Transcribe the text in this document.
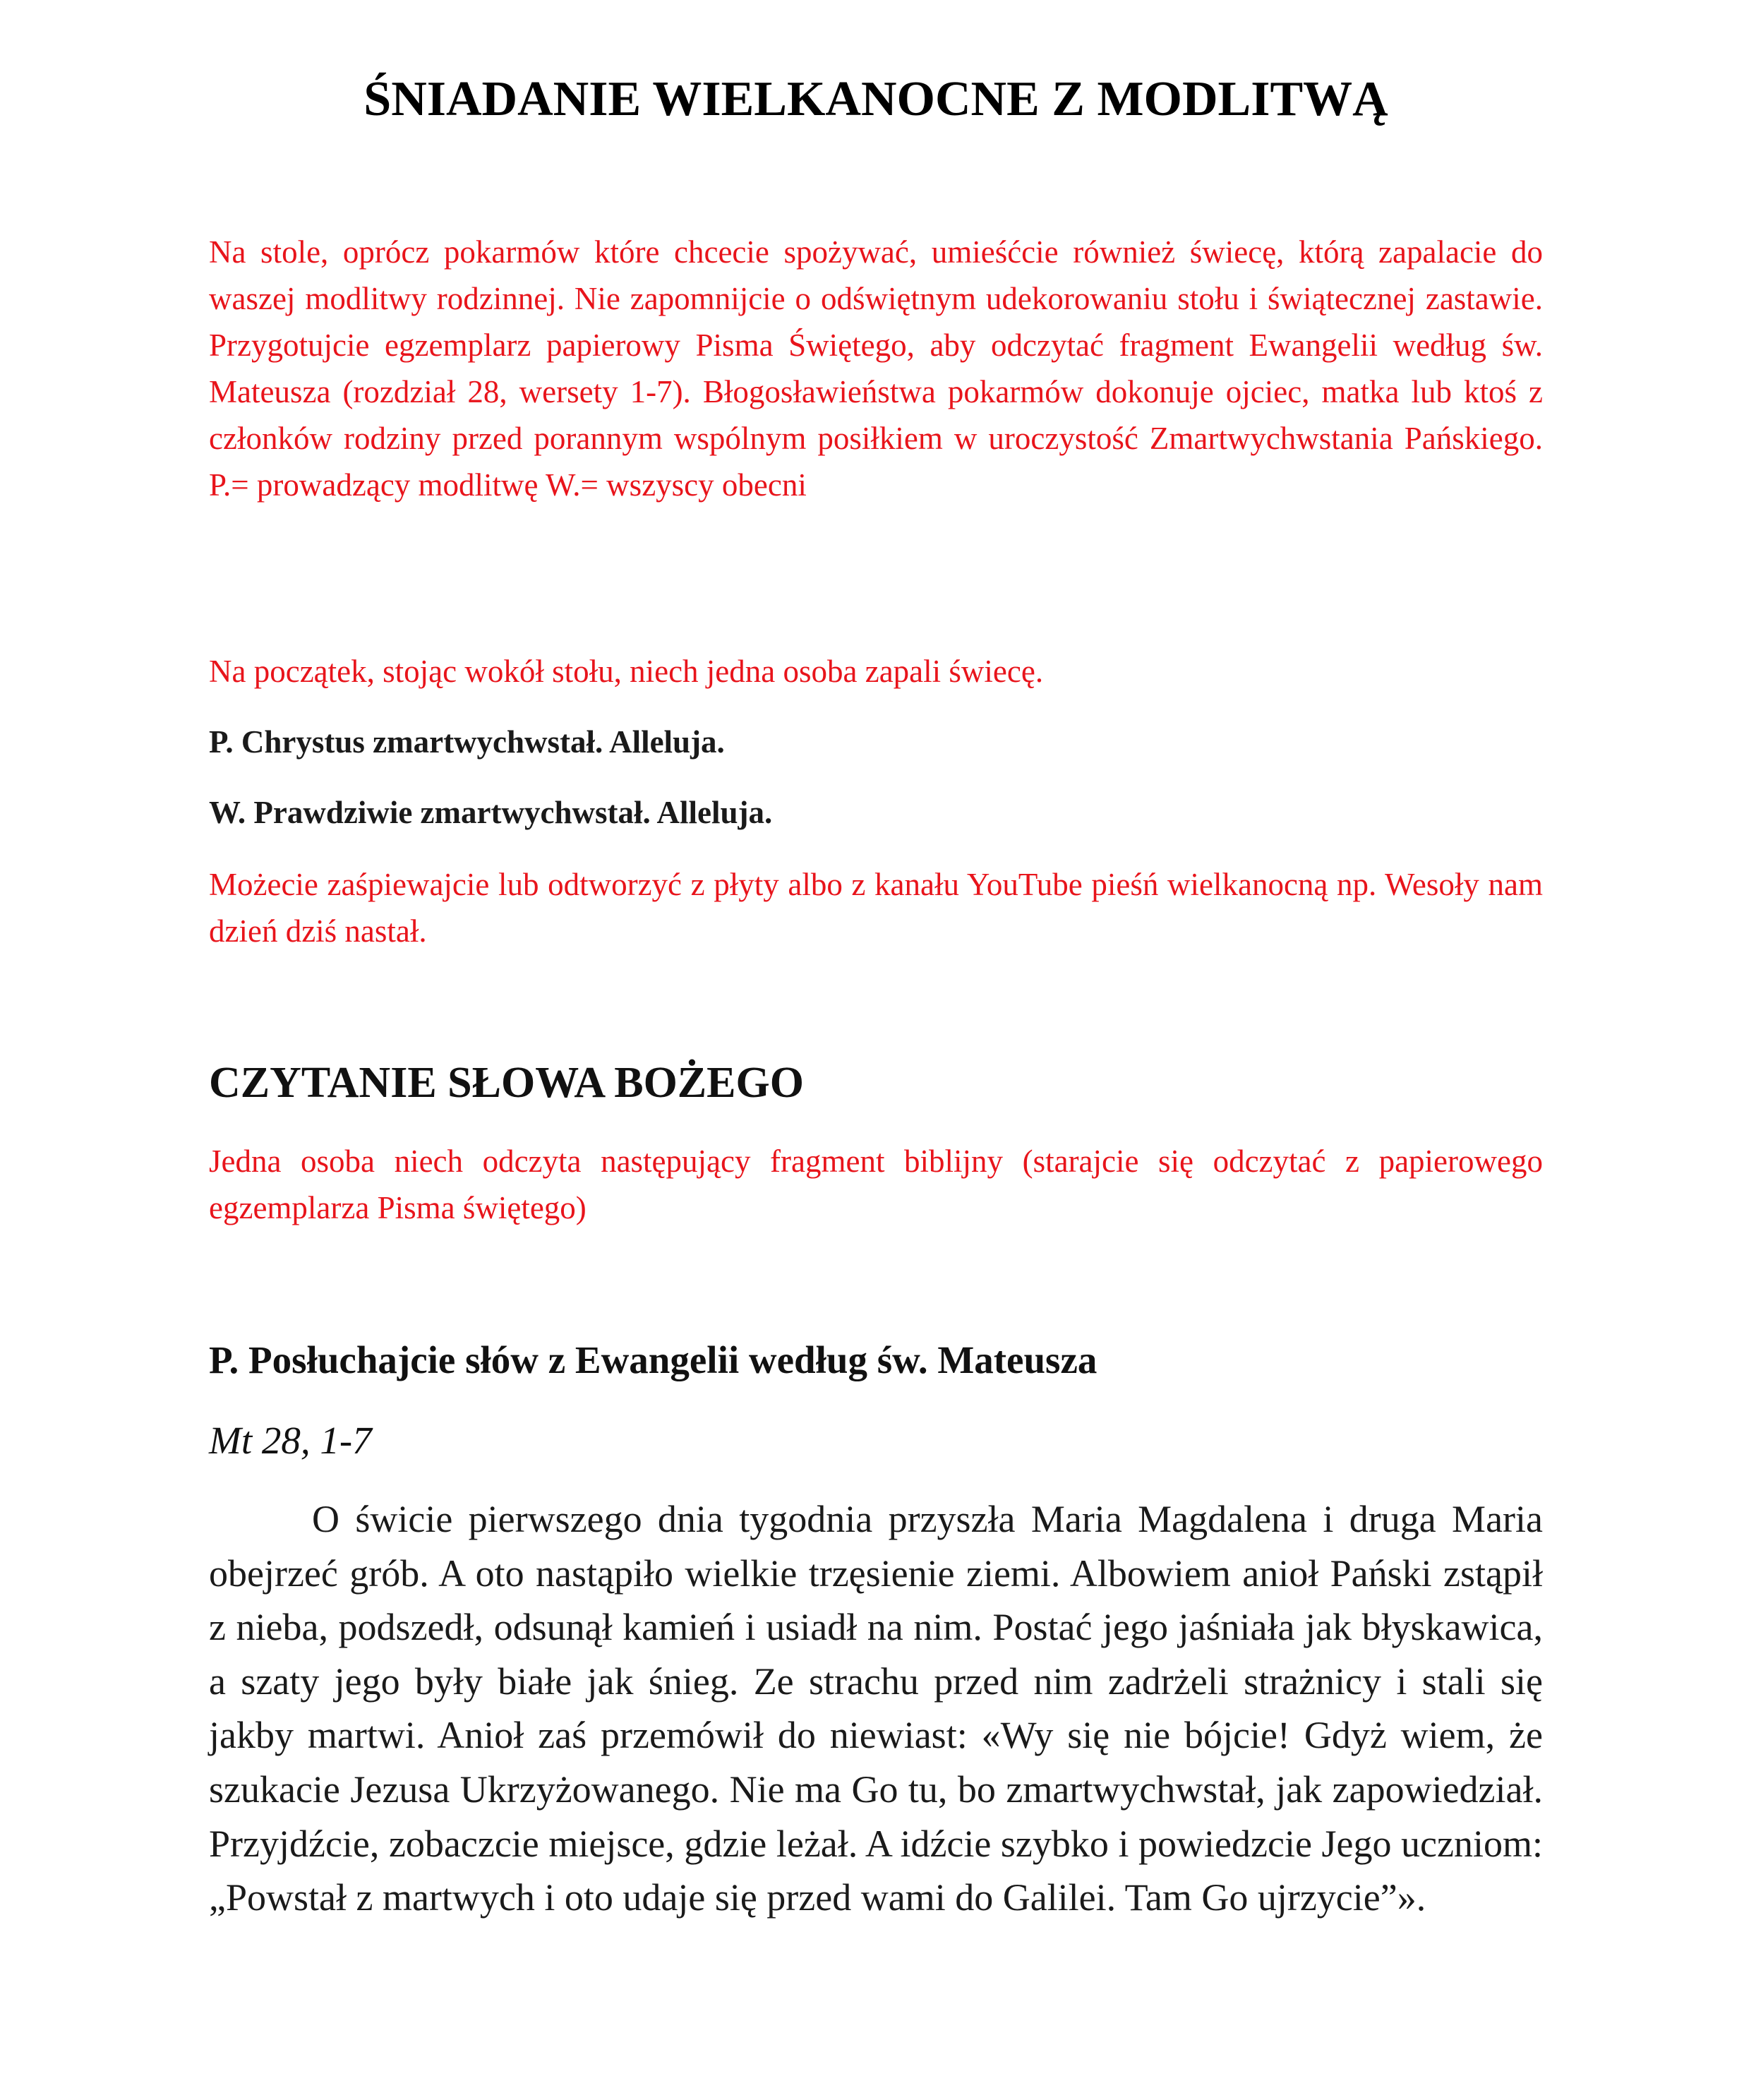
ŚNIADANIE WIELKANOCNE Z MODLITWĄ

Na stole, oprócz pokarmów które chcecie spożywać, umieśćcie również świecę, którą zapalacie do waszej modlitwy rodzinnej. Nie zapomnijcie o odświętnym udekorowaniu stołu i świątecznej zastawie. Przygotujcie egzemplarz papierowy Pisma Świętego, aby odczytać fragment Ewangelii według św. Mateusza (rozdział 28, wersety 1-7). Błogosławieństwa pokarmów dokonuje ojciec, matka lub ktoś z członków rodziny przed porannym wspólnym posiłkiem w uroczystość Zmartwychwstania Pańskiego. P.= prowadzący modlitwę W.= wszyscy obecni

Na początek, stojąc wokół stołu, niech jedna osoba zapali świecę.

P. Chrystus zmartwychwstał. Alleluja.

W. Prawdziwie zmartwychwstał. Alleluja.

Możecie zaśpiewajcie lub odtworzyć z płyty albo z kanału YouTube pieśń wielkanocną np. Wesoły nam dzień dziś nastał.

CZYTANIE SŁOWA BOŻEGO

Jedna osoba niech odczyta następujący fragment biblijny (starajcie się odczytać z papierowego egzemplarza Pisma świętego)

P. Posłuchajcie słów z Ewangelii według św. Mateusza

Mt 28, 1-7

O świcie pierwszego dnia tygodnia przyszła Maria Magdalena i druga Maria obejrzeć grób. A oto nastąpiło wielkie trzęsienie ziemi. Albowiem anioł Pański zstąpił z nieba, podszedł, odsunął kamień i usiadł na nim. Postać jego jaśniała jak błyskawica, a szaty jego były białe jak śnieg. Ze strachu przed nim zadrżeli strażnicy i stali się jakby martwi. Anioł zaś przemówił do niewiast: «Wy się nie bójcie! Gdyż wiem, że szukacie Jezusa Ukrzyżowanego. Nie ma Go tu, bo zmartwychwstał, jak zapowiedział. Przyjdźcie, zobaczcie miejsce, gdzie leżał. A idźcie szybko i powiedzcie Jego uczniom: „Powstał z martwych i oto udaje się przed wami do Galilei. Tam Go ujrzycie”».
